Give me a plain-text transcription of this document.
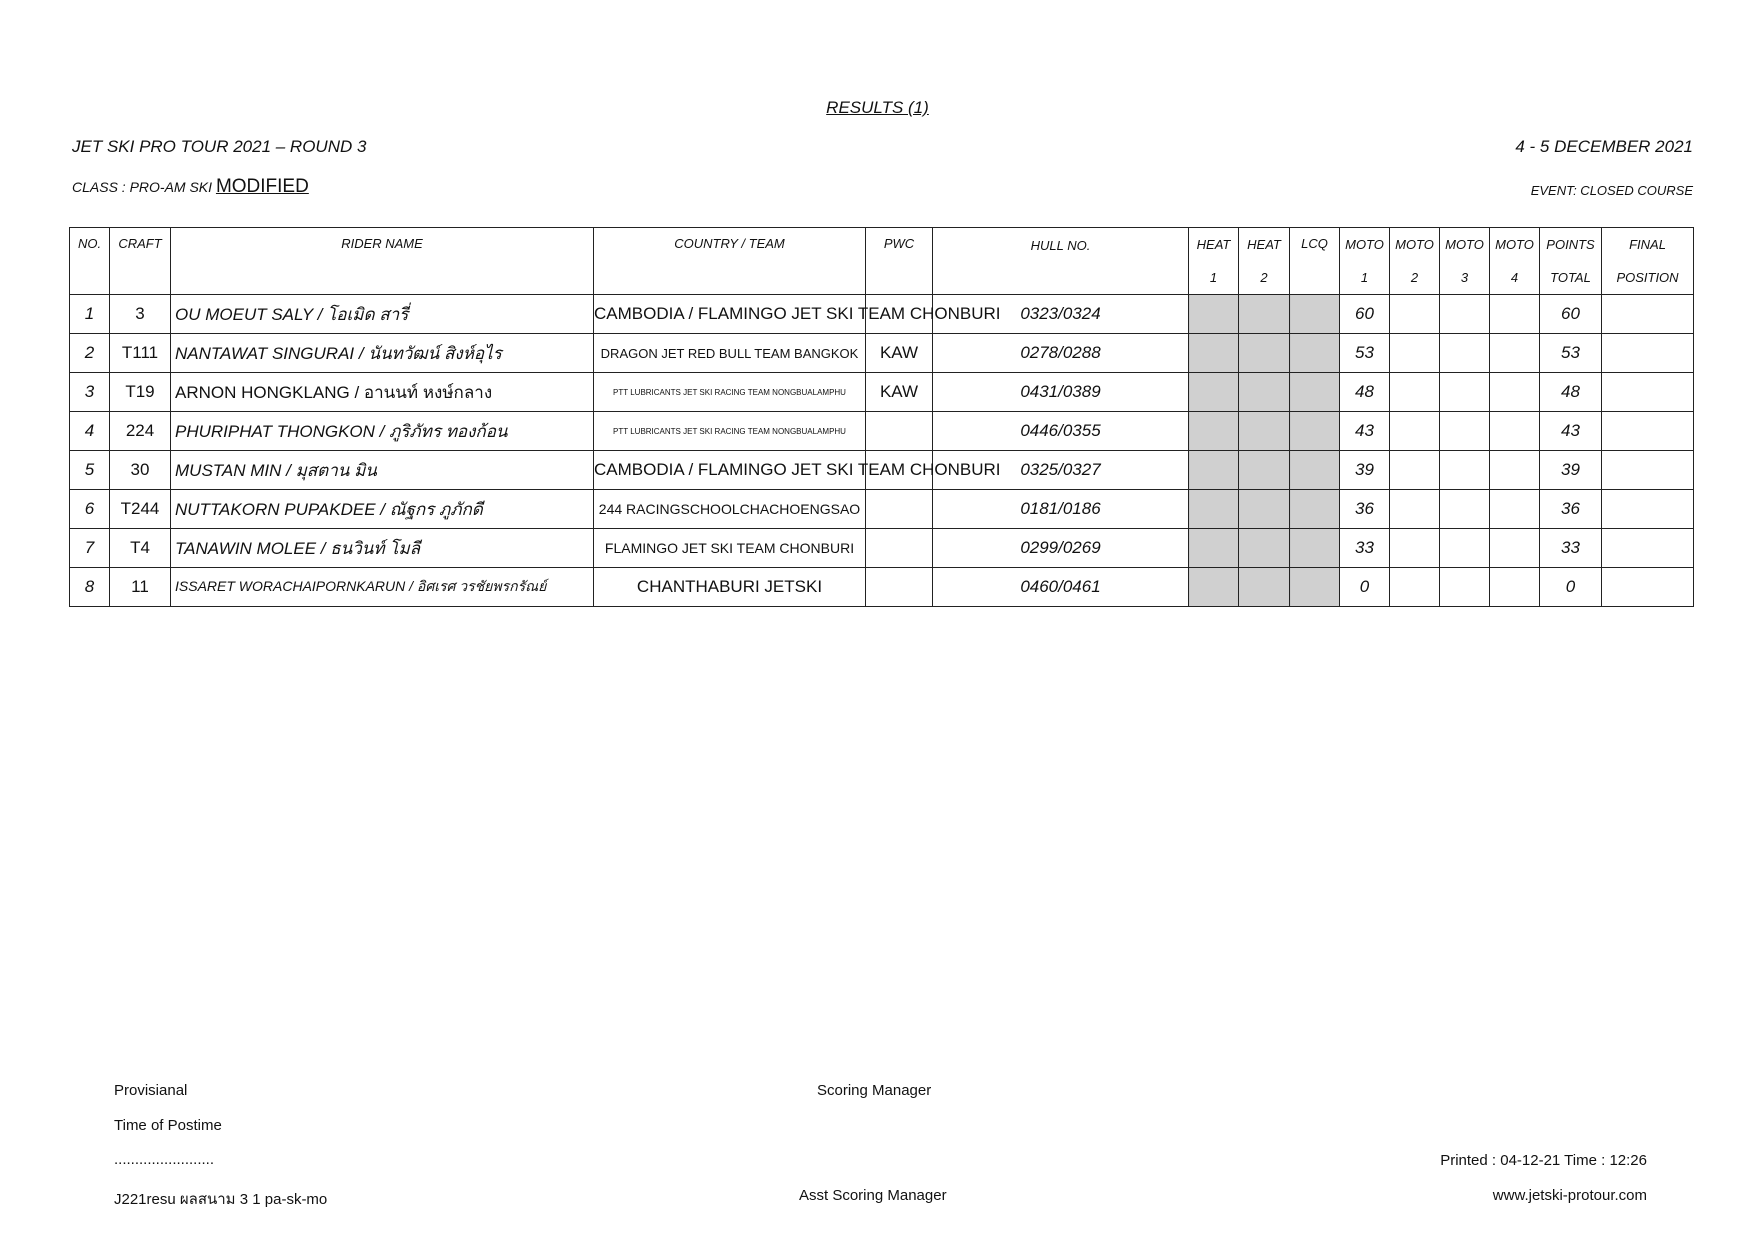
RESULTS (1)
JET SKI PRO TOUR 2021 – ROUND 3	4 - 5 DECEMBER 2021
CLASS : PRO-AM SKI MODIFIED	EVENT: CLOSED COURSE
NO.	CRAFT	RIDER NAME	COUNTRY / TEAM	PWC	HULL NO.	HEAT	HEAT	LCQ	MOTO	MOTO	MOTO	MOTO	POINTS	FINAL
						1	2		1	2	3	4	TOTAL	POSITION
1	3	OU MOEUT SALY / โอเมิด สารี่	CAMBODIA / FLAMINGO JET SKI TEAM CHONBURI		0323/0324				60				60	
2	T111	NANTAWAT SINGURAI / นันทวัฒน์ สิงห์อุไร	DRAGON JET RED BULL TEAM BANGKOK	KAW	0278/0288				53				53	
3	T19	ARNON HONGKLANG / อานนท์ หงษ์กลาง	PTT LUBRICANTS JET SKI RACING TEAM NONGBUALAMPHU	KAW	0431/0389				48				48	
4	224	PHURIPHAT THONGKON / ภูริภัทร ทองก้อน	PTT LUBRICANTS JET SKI RACING TEAM NONGBUALAMPHU		0446/0355				43				43	
5	30	MUSTAN MIN / มุสตาน มิน	CAMBODIA / FLAMINGO JET SKI TEAM CHONBURI		0325/0327				39				39	
6	T244	NUTTAKORN PUPAKDEE / ณัฐกร ภูภักดี	244 RACINGSCHOOLCHACHOENGSAO		0181/0186				36				36	
7	T4	TANAWIN MOLEE / ธนวินท์ โมลี	FLAMINGO JET SKI TEAM CHONBURI		0299/0269				33				33	
8	11	ISSARET WORACHAIPORNKARUN / อิศเรศ วรชัยพรกรัณย์	CHANTHABURI JETSKI		0460/0461				0				0	
Provisianal
Time of Postime
........................
J221resu ผลสนาม 3 1 pa-sk-mo
Scoring Manager
Asst Scoring Manager
Printed : 04-12-21 Time : 12:26
www.jetski-protour.com
